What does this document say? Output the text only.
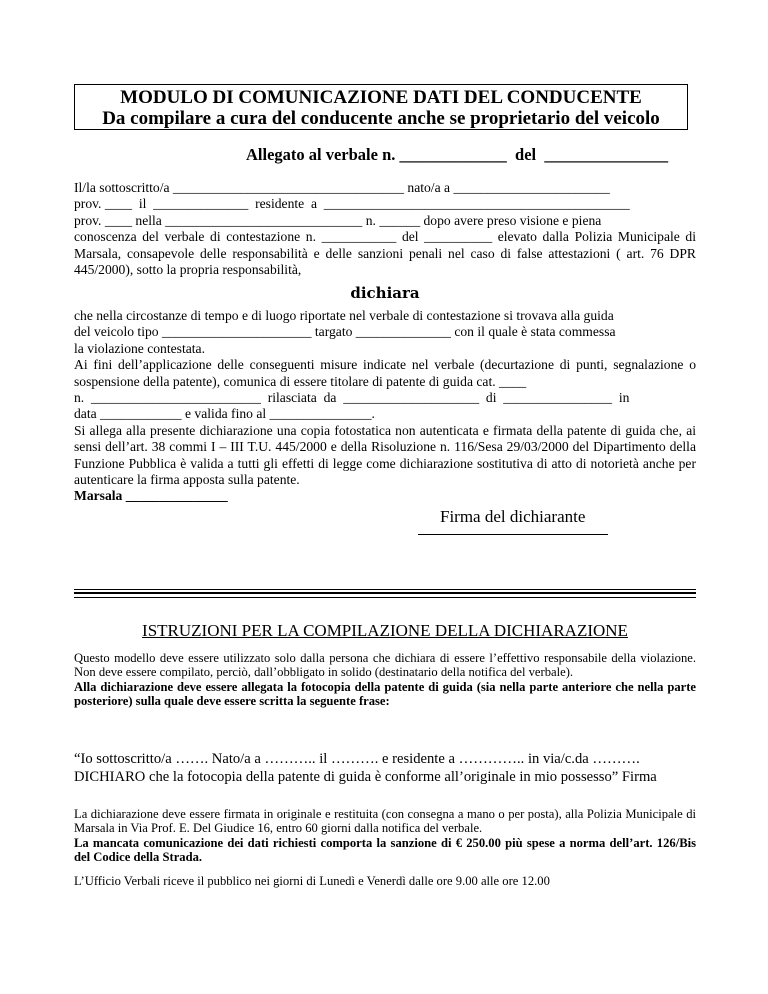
MODULO DI COMUNICAZIONE DATI DEL CONDUCENTE
Da compilare a cura del conducente anche se proprietario del veicolo
Allegato al verbale n. _____________  del  _______________

Il/la sottoscritto/a __________________________________ nato/a a _______________________

prov. ____  il  ______________  residente  a  _____________________________________________

prov. ____ nella _____________________________ n. ______ dopo avere preso visione e piena

conoscenza del verbale di contestazione n. ___________ del __________ elevato dalla Polizia Municipale di Marsala, consapevole delle responsabilità e delle sanzioni penali nel caso di false attestazioni ( art. 76 DPR 445/2000), sotto la propria responsabilità,

dichiara

che nella circostanze di tempo e di luogo riportate nel verbale di contestazione si trovava alla guida

del veicolo tipo ______________________ targato ______________ con il quale è stata commessa

la violazione contestata.

Ai fini dell’applicazione delle conseguenti misure indicate nel verbale (decurtazione di punti, segnalazione o sospensione della patente), comunica di essere titolare di patente di guida cat. ____

n.  _________________________  rilasciata  da  ____________________  di  ________________  in

data ____________ e valida fino al _______________.

Si allega alla presente dichiarazione una copia fotostatica non autenticata e firmata della patente di guida che, ai sensi dell’art. 38 commi I – III T.U. 445/2000 e della Risoluzione n. 116/Sesa 29/03/2000 del Dipartimento della Funzione Pubblica è valida a tutti gli effetti di legge come dichiarazione sostitutiva di atto di notorietà anche per autenticare la firma apposta sulla patente.

Marsala _______________

Firma del dichiarante
ISTRUZIONI PER LA COMPILAZIONE DELLA DICHIARAZIONE

Questo modello deve essere utilizzato solo dalla persona che dichiara di essere l’effettivo responsabile della violazione. Non deve essere compilato, perciò, dall’obbligato in solido (destinatario della notifica del verbale).

Alla dichiarazione deve essere allegata la fotocopia della patente di guida (sia nella parte anteriore che nella parte posteriore) sulla quale deve essere scritta la seguente frase:

“Io sottoscritto/a ……. Nato/a a ……….. il ………. e residente a ………….. in via/c.da ……….

DICHIARO che la fotocopia della patente di guida è conforme all’originale in mio possesso” Firma

La dichiarazione deve essere firmata in originale e restituita (con consegna a mano o per posta), alla Polizia Municipale di Marsala in Via Prof. E. Del Giudice 16, entro 60 giorni dalla notifica del verbale.

La mancata comunicazione dei dati richiesti comporta la sanzione di € 250.00 più spese a norma dell’art. 126/Bis del Codice della Strada.

L’Ufficio Verbali riceve il pubblico nei giorni di Lunedì e Venerdì dalle ore 9.00 alle ore 12.00
